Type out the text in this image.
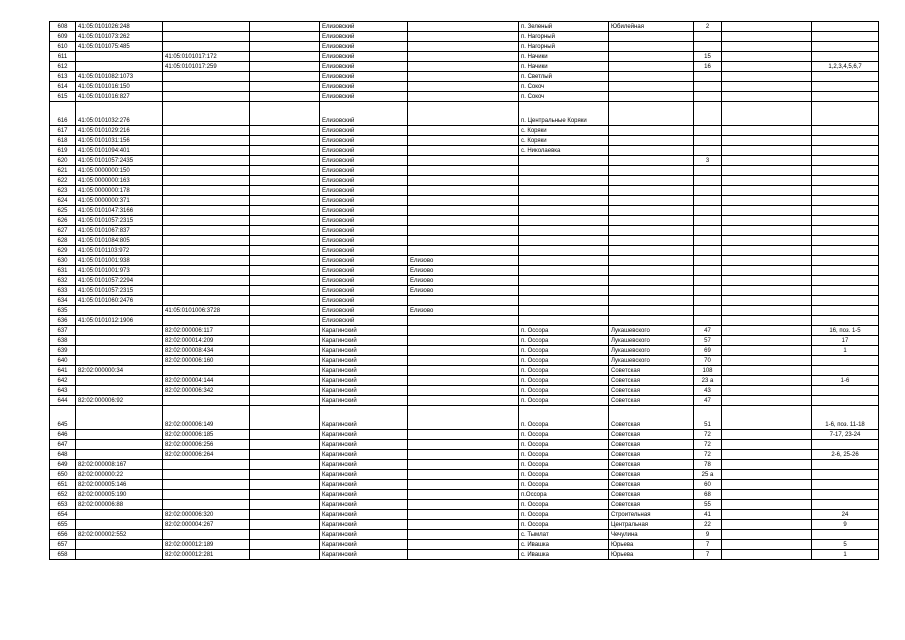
608	41:05:0101026:248			Елизовский		п. Зеленый	Юбилейная	2		
609	41:05:0101073:262			Елизовский		п. Нагорный				
610	41:05:0101075:485			Елизовский		п. Нагорный				
611		41:05:0101017:172		Елизовский		п. Начики		15		
612		41:05:0101017:259		Елизовский		п. Начики		16		1,2,3,4,5,6,7
613	41:05:0101082:1073			Елизовский		п. Светлый				
614	41:05:0101016:150			Елизовский		п. Сокоч				
615	41:05:0101016:827			Елизовский		п. Сокоч				
616	41:05:0101032:276			Елизовский		п. Центральные Коряки				
617	41:05:0101029:216			Елизовский		с. Коряки				
618	41:05:0101031:156			Елизовский		с. Коряки				
619	41:05:0101094:401			Елизовский		с. Николаевка				
620	41:05:0101057:2435			Елизовский				3		
621	41:05:0000000:150			Елизовский						
622	41:05:0000000:163			Елизовский						
623	41:05:0000000:178			Елизовский						
624	41:05:0000000:371			Елизовский						
625	41:05:0101047:3166			Елизовский						
626	41:05:0101057:2315			Елизовский						
627	41:05:0101067:837			Елизовский						
628	41:05:0101084:805			Елизовский						
629	41:05:0101103:972			Елизовский						
630	41:05:0101001:938			Елизовский	Елизово					
631	41:05:0101001:973			Елизовский	Елизово					
632	41:05:0101057:2294			Елизовский	Елизово					
633	41:05:0101057:2315			Елизовский	Елизово					
634	41:05:0101060:2476			Елизовский						
635		41:05:0101006:3728		Елизовский	Елизово					
636	41:05:0101012:1906			Елизовский						
637		82:02:000006:117		Карагинский		п. Оссора	Лукашевского	47		16, поз. 1-5
638		82:02:000014:209		Карагинский		п. Оссора	Лукашевского	57		17
639		82:02:000008:434		Карагинский		п. Оссора	Лукашевского	69		1
640		82:02:000006:160		Карагинский		п. Оссора	Лукашевского	70		
641	82:02:000000:34			Карагинский		п. Оссора	Советская	108		
642		82:02:000004:144		Карагинский		п. Оссора	Советская	23 а		1-6
643		82:02:000006:342		Карагинский		п. Оссора	Советская	43		
644	82:02:000006:92			Карагинский		п. Оссора	Советская	47		
645		82:02:000006:149		Карагинский		п. Оссора	Советская	51		1-6, поз. 11-18
646		82:02:000006:185		Карагинский		п. Оссора	Советская	72		7-17, 23-24
647		82:02:000006:256		Карагинский		п. Оссора	Советская	72		
648		82:02:000006:264		Карагинский		п. Оссора	Советская	72		2-6, 25-26
649	82:02:000008:167			Карагинский		п. Оссора	Советская	78		
650	82:02:000000:22			Карагинский		п. Оссора	Советская	25 а		
651	82:02:000005:146			Карагинский		п. Оссора	Советская	60		
652	82:02:000005:190			Карагинский		п.Оссора	Советская	68		
653	82:02:000006:88			Карагинский		п. Оссора	Советская	55		
654		82:02:000006:320		Карагинский		п. Оссора	Строительная	41		24
655		82:02:000004:267		Карагинский		п. Оссора	Центральная	22		9
656	82:02:000002:552			Карагинский		с. Тымлат	Чечулина	9		
657		82:02:000012:189		Карагинский		с. Ивашка	Юрьева	7		5
658		82:02:000012:281		Карагинский		с. Ивашка	Юрьева	7		1
